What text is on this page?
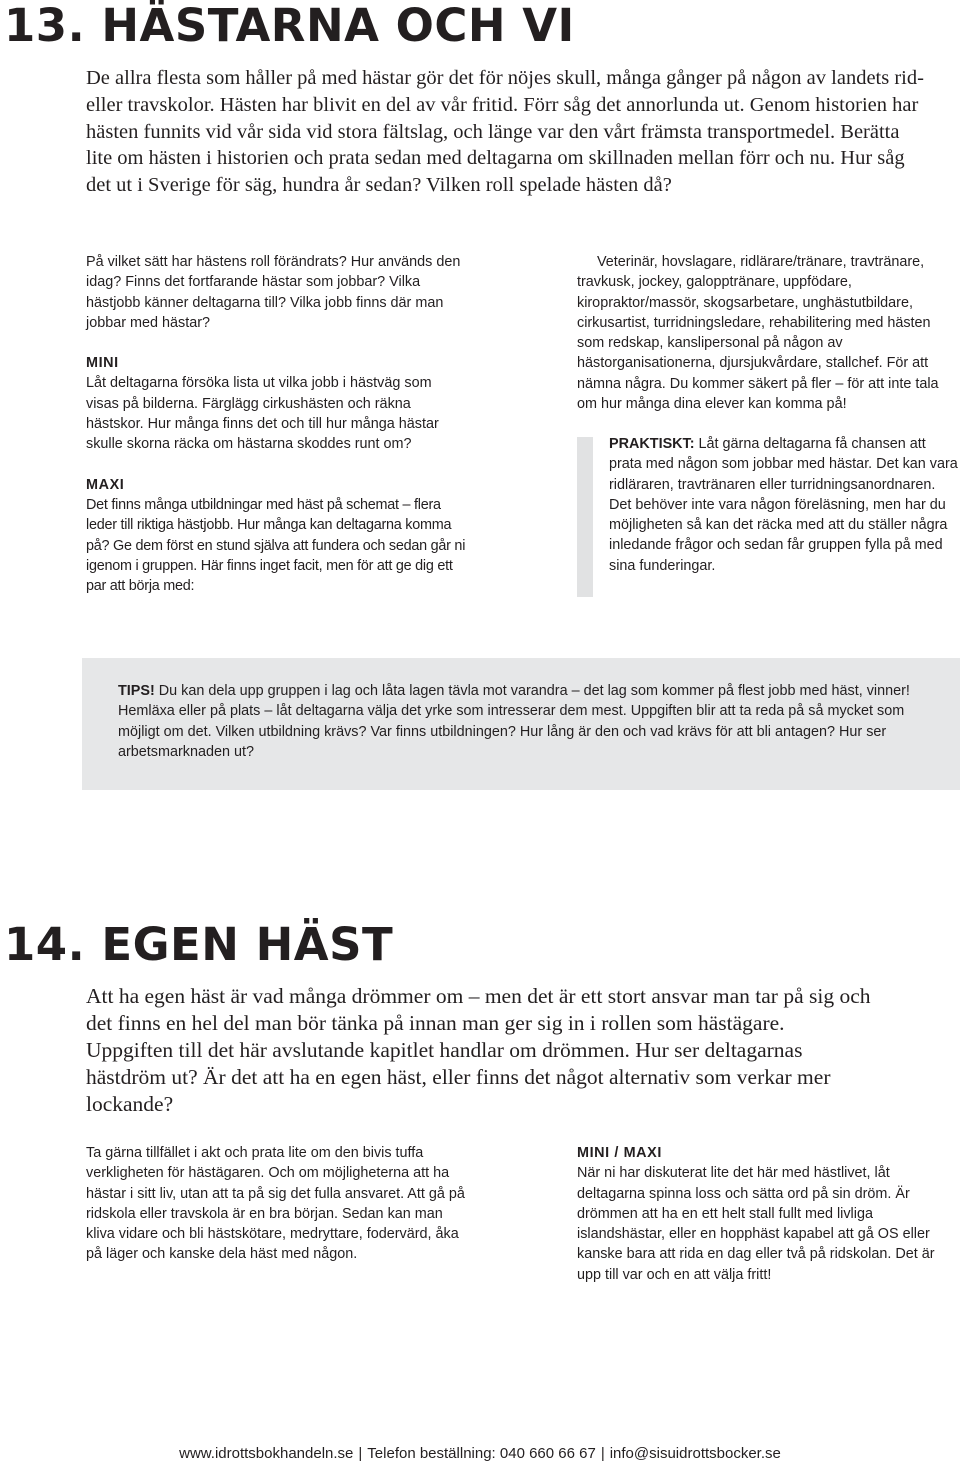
13. HÄSTARNA OCH VI

De allra flesta som håller på med hästar gör det för nöjes skull, många gånger på någon av landets rid- eller travskolor. Hästen har blivit en del av vår fritid. Förr såg det annorlunda ut. Genom historien har hästen funnits vid vår sida vid stora fältslag, och länge var den vårt främsta transportmedel. Berätta lite om hästen i historien och prata sedan med deltagarna om skillnaden mellan förr och nu. Hur såg det ut i Sverige för säg, hundra år sedan? Vilken roll spelade hästen då?

På vilket sätt har hästens roll förändrats? Hur används den idag? Finns det fortfarande hästar som jobbar? Vilka hästjobb känner deltagarna till? Vilka jobb finns där man jobbar med hästar?

MINI

Låt deltagarna försöka lista ut vilka jobb i hästväg som visas på bilderna. Färglägg cirkushästen och räkna hästskor. Hur många finns det och till hur många hästar skulle skorna räcka om hästarna skoddes runt om?

MAXI

Det finns många utbildningar med häst på schemat – flera leder till riktiga hästjobb. Hur många kan deltagarna komma på? Ge dem först en stund själva att fundera och sedan går ni igenom i gruppen. Här finns inget facit, men för att ge dig ett par att börja med:

Veterinär, hovslagare, ridlärare/tränare, travtränare, travkusk, jockey, galopptränare, uppfödare, kiropraktor/massör, skogsarbetare, unghästutbildare, cirkusartist, turridningsledare, rehabilitering med hästen som redskap, kanslipersonal på någon av hästorganisationerna, djursjukvårdare, stallchef. För att nämna några. Du kommer säkert på fler – för att inte tala om hur många dina elever kan komma på!

PRAKTISKT: Låt gärna deltagarna få chansen att prata med någon som jobbar med hästar. Det kan vara ridläraren, travtränaren eller turridningsanordnaren. Det behöver inte vara någon föreläsning, men har du möjligheten så kan det räcka med att du ställer några inledande frågor och sedan får gruppen fylla på med sina funderingar.

TIPS! Du kan dela upp gruppen i lag och låta lagen tävla mot varandra – det lag som kommer på flest jobb med häst, vinner! Hemläxa eller på plats – låt deltagarna välja det yrke som intresserar dem mest. Uppgiften blir att ta reda på så mycket som möjligt om det. Vilken utbildning krävs? Var finns utbildningen? Hur lång är den och vad krävs för att bli antagen? Hur ser arbetsmarknaden ut?

14. EGEN HÄST

Att ha egen häst är vad många drömmer om – men det är ett stort ansvar man tar på sig och det finns en hel del man bör tänka på innan man ger sig in i rollen som hästägare. Uppgiften till det här avslutande kapitlet handlar om drömmen. Hur ser deltagarnas hästdröm ut? Är det att ha en egen häst, eller finns det något alternativ som verkar mer lockande?

Ta gärna tillfället i akt och prata lite om den bivis tuffa verkligheten för hästägaren. Och om möjligheterna att ha hästar i sitt liv, utan att ta på sig det fulla ansvaret. Att gå på ridskola eller travskola är en bra början. Sedan kan man kliva vidare och bli hästskötare, medryttare, fodervärd, åka på läger och kanske dela häst med någon.

MINI / MAXI

När ni har diskuterat lite det här med hästlivet, låt deltagarna spinna loss och sätta ord på sin dröm. Är drömmen att ha en ett helt stall fullt med livliga islandshästar, eller en hopphäst kapabel att gå OS eller kanske bara att rida en dag eller två på ridskolan. Det är upp till var och en att välja fritt!

www.idrottsbokhandeln.se | Telefon beställning: 040 660 66 67 | info@sisuidrottsbocker.se
